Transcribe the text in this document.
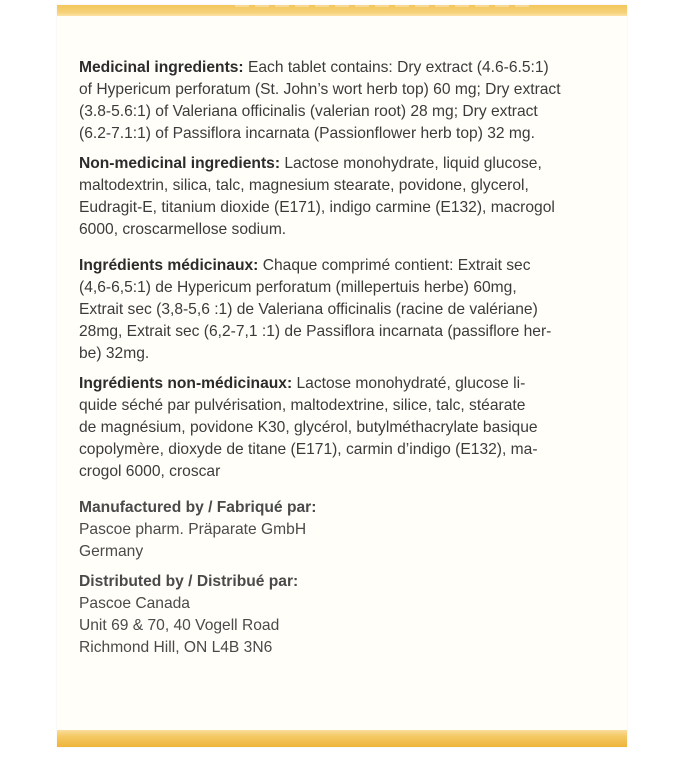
Medicinal ingredients: Each tablet contains: Dry extract (4.6-6.5:1)
of Hypericum perforatum (St. John’s wort herb top) 60 mg; Dry extract
(3.8-5.6:1) of Valeriana officinalis (valerian root) 28 mg; Dry extract
(6.2-7.1:1) of Passiflora incarnata (Passionflower herb top) 32 mg.

Non-medicinal ingredients: Lactose monohydrate, liquid glucose,
maltodextrin, silica, talc, magnesium stearate, povidone, glycerol,
Eudragit-E, titanium dioxide (E171), indigo carmine (E132), macrogol
6000, croscarmellose sodium.

Ingrédients médicinaux: Chaque comprimé contient: Extrait sec
(4,6-6,5:1) de Hypericum perforatum (millepertuis herbe) 60mg,
Extrait sec (3,8-5,6 :1) de Valeriana officinalis (racine de valériane)
28mg, Extrait sec (6,2-7,1 :1) de Passiflora incarnata (passiflore her-
be) 32mg.

Ingrédients non-médicinaux: Lactose monohydraté, glucose li-
quide séché par pulvérisation, maltodextrine, silice, talc, stéarate
de magnésium, povidone K30, glycérol, butylméthacrylate basique
copolymère, dioxyde de titane (E171), carmin d’indigo (E132), ma-
crogol 6000, croscar

Manufactured by / Fabriqué par:
Pascoe pharm. Präparate GmbH
Germany

Distributed by / Distribué par:
Pascoe Canada
Unit 69 & 70, 40 Vogell Road
Richmond Hill, ON L4B 3N6
